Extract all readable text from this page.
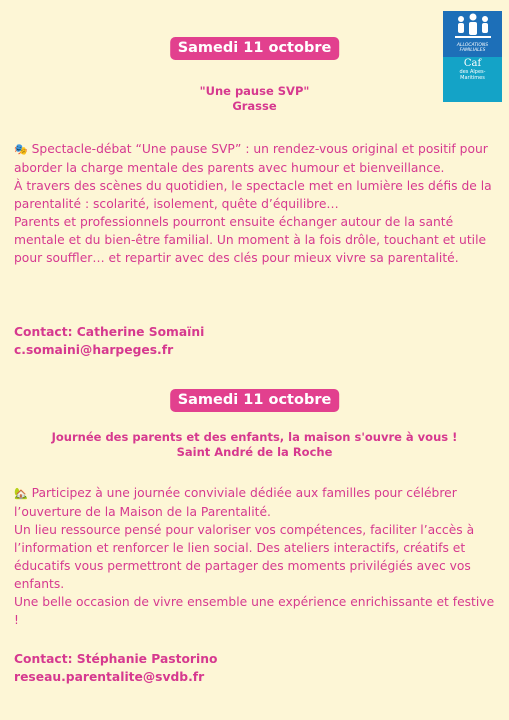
ALLOCATIONS
FAMILIALES
Caf
des Alpes-
Maritimes
Samedi 11 octobre
"Une pause SVP"
Grasse

🎭 Spectacle-débat “Une pause SVP” : un rendez-vous original et positif pour aborder la charge mentale des parents avec humour et bienveillance.

À travers des scènes du quotidien, le spectacle met en lumière les défis de la parentalité : scolarité, isolement, quête d’équilibre…

Parents et professionnels pourront ensuite échanger autour de la santé mentale et du bien-être familial. Un moment à la fois drôle, touchant et utile pour souffler… et repartir avec des clés pour mieux vivre sa parentalité.

Contact: Catherine Somaïni
c.somaini@harpeges.fr
Samedi 11 octobre
Journée des parents et des enfants, la maison s'ouvre à vous !
Saint André de la Roche

🏡 Participez à une journée conviviale dédiée aux familles pour célébrer l’ouverture de la Maison de la Parentalité.

Un lieu ressource pensé pour valoriser vos compétences, faciliter l’accès à l’information et renforcer le lien social. Des ateliers interactifs, créatifs et éducatifs vous permettront de partager des moments privilégiés avec vos enfants.

Une belle occasion de vivre ensemble une expérience enrichissante et festive !

Contact: Stéphanie Pastorino
reseau.parentalite@svdb.fr
